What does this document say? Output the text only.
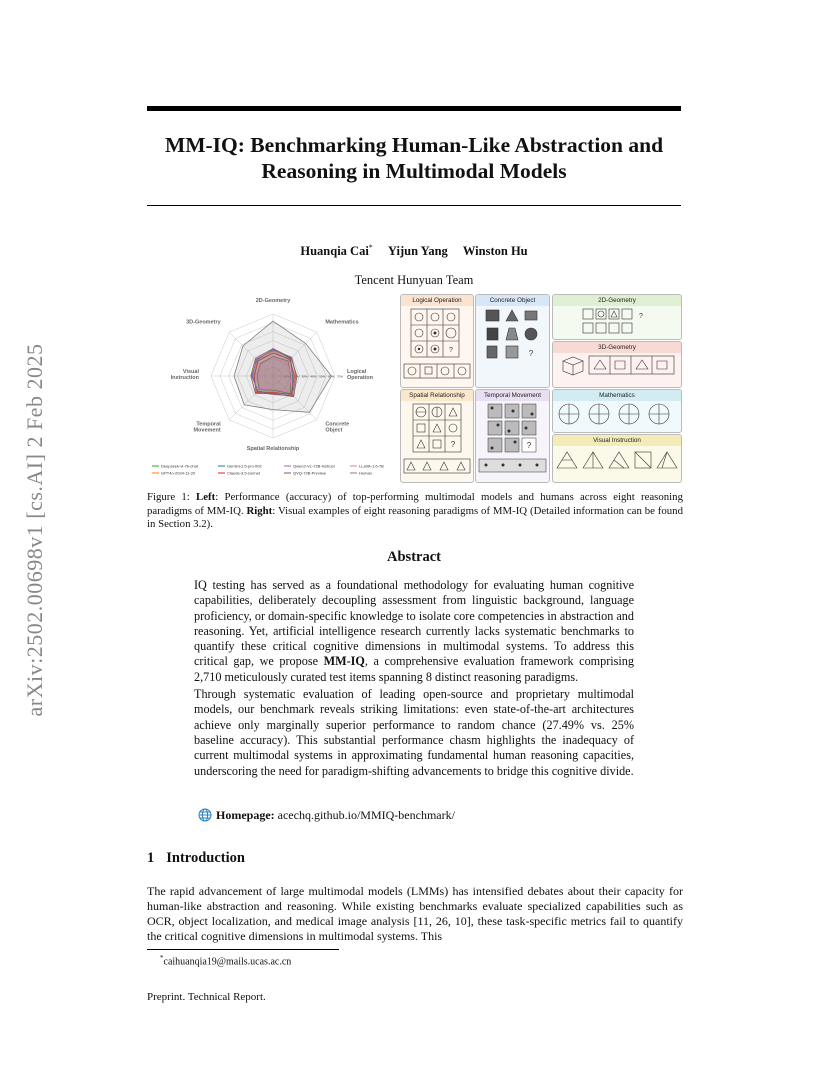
arXiv:2502.00698v1 [cs.AI] 2 Feb 2025
MM-IQ: Benchmarking Human-Like Abstraction and
Reasoning in Multimodal Models
Huanqia Cai* Yijun Yang Winston Hu
Tencent Hunyuan Team
10% 20% 30% 40% 50% 60% 70%
2D-Geometry
Mathematics
Logical Operation
Concrete Object
Spatial Relationship
Temporal Movement
Visual Instruction
3D-Geometry
Deepseek-vl-7b-chat
GPT4o-2024-11-20
Gemini-1.5-pro-002
Claude-3.5-sonnet
Qwen2-VL-72B-Instruct
QVQ-72B-Preview
LLaVA-1.6-7B
Human
Logical Operation
?
Concrete Object
?
2D-Geometry
?
3D-Geometry
Spatial Relationship
?
Temporal Movement
?
Mathematics
Visual Instruction
Figure 1: Left: Performance (accuracy) of top-performing multimodal models and humans across eight reasoning paradigms of MM-IQ. Right: Visual examples of eight reasoning paradigms of MM-IQ (Detailed information can be found in Section 3.2).
Abstract

IQ testing has served as a foundational methodology for evaluating human cognitive capabilities, deliberately decoupling assessment from linguistic background, language proficiency, or domain-specific knowledge to isolate core competencies in abstraction and reasoning. Yet, artificial intelligence research currently lacks systematic benchmarks to quantify these critical cognitive dimensions in multimodal systems. To address this critical gap, we propose MM-IQ, a comprehensive evaluation framework comprising 2,710 meticulously curated test items spanning 8 distinct reasoning paradigms.

Through systematic evaluation of leading open-source and proprietary multimodal models, our benchmark reveals striking limitations: even state-of-the-art architectures achieve only marginally superior performance to random chance (27.49% vs. 25% baseline accuracy). This substantial performance chasm highlights the inadequacy of current multimodal systems in approximating fundamental human reasoning capacities, underscoring the need for paradigm-shifting advancements to bridge this cognitive divide.

Homepage: acechq.github.io/MMIQ-benchmark/
1 Introduction

The rapid advancement of large multimodal models (LMMs) has intensified debates about their capacity for human-like abstraction and reasoning. While existing benchmarks evaluate specialized capabilities such as OCR, object localization, and medical image analysis [11, 26, 10], these task-specific metrics fail to quantify the critical cognitive dimensions in multimodal systems. This

*caihuanqia19@mails.ucas.ac.cn
Preprint. Technical Report.
